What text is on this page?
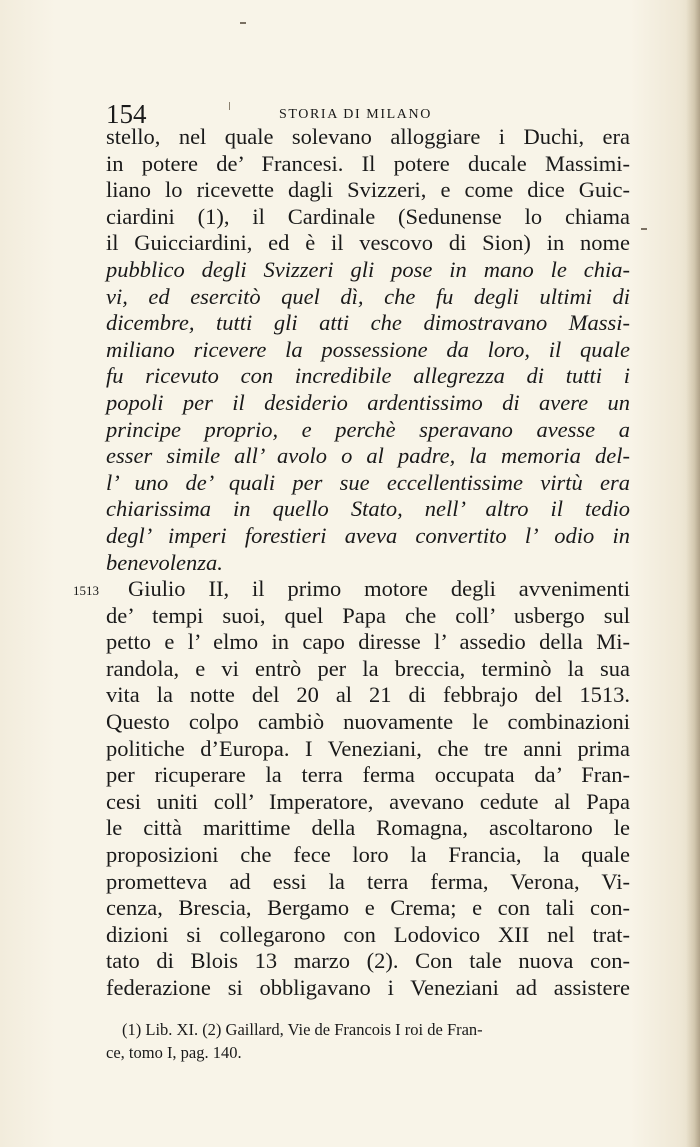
154	STORIA DI MILANO
1513
stello, nel quale solevano alloggiare i Duchi, era
in potere de’ Francesi. Il potere ducale Massimi-
liano lo ricevette dagli Svizzeri, e come dice Guic-
ciardini (1), il Cardinale (Sedunense lo chiama
il Guicciardini, ed è il vescovo di Sion) in nome
pubblico degli Svizzeri gli pose in mano le chia-
vi, ed esercitò quel dì, che fu degli ultimi di
dicembre, tutti gli atti che dimostravano Massi-
miliano ricevere la possessione da loro, il quale
fu ricevuto con incredibile allegrezza di tutti i
popoli per il desiderio ardentissimo di avere un
principe proprio, e perchè speravano avesse a
esser simile all’ avolo o al padre, la memoria del-
l’ uno de’ quali per sue eccellentissime virtù era
chiarissima in quello Stato, nell’ altro il tedio
degl’ imperi forestieri aveva convertito l’ odio in
benevolenza.
Giulio II, il primo motore degli avvenimenti
de’ tempi suoi, quel Papa che coll’ usbergo sul
petto e l’ elmo in capo diresse l’ assedio della Mi-
randola, e vi entrò per la breccia, terminò la sua
vita la notte del 20 al 21 di febbrajo del 1513.
Questo colpo cambiò nuovamente le combinazioni
politiche d’Europa. I Veneziani, che tre anni prima
per ricuperare la terra ferma occupata da’ Fran-
cesi uniti coll’ Imperatore, avevano cedute al Papa
le città marittime della Romagna, ascoltarono le
proposizioni che fece loro la Francia, la quale
prometteva ad essi la terra ferma, Verona, Vi-
cenza, Brescia, Bergamo e Crema; e con tali con-
dizioni si collegarono con Lodovico XII nel trat-
tato di Blois 13 marzo (2). Con tale nuova con-
federazione si obbligavano i Veneziani ad assistere
(1) Lib. XI. (2) Gaillard, Vie de Francois I roi de Fran-
ce, tomo I, pag. 140.
